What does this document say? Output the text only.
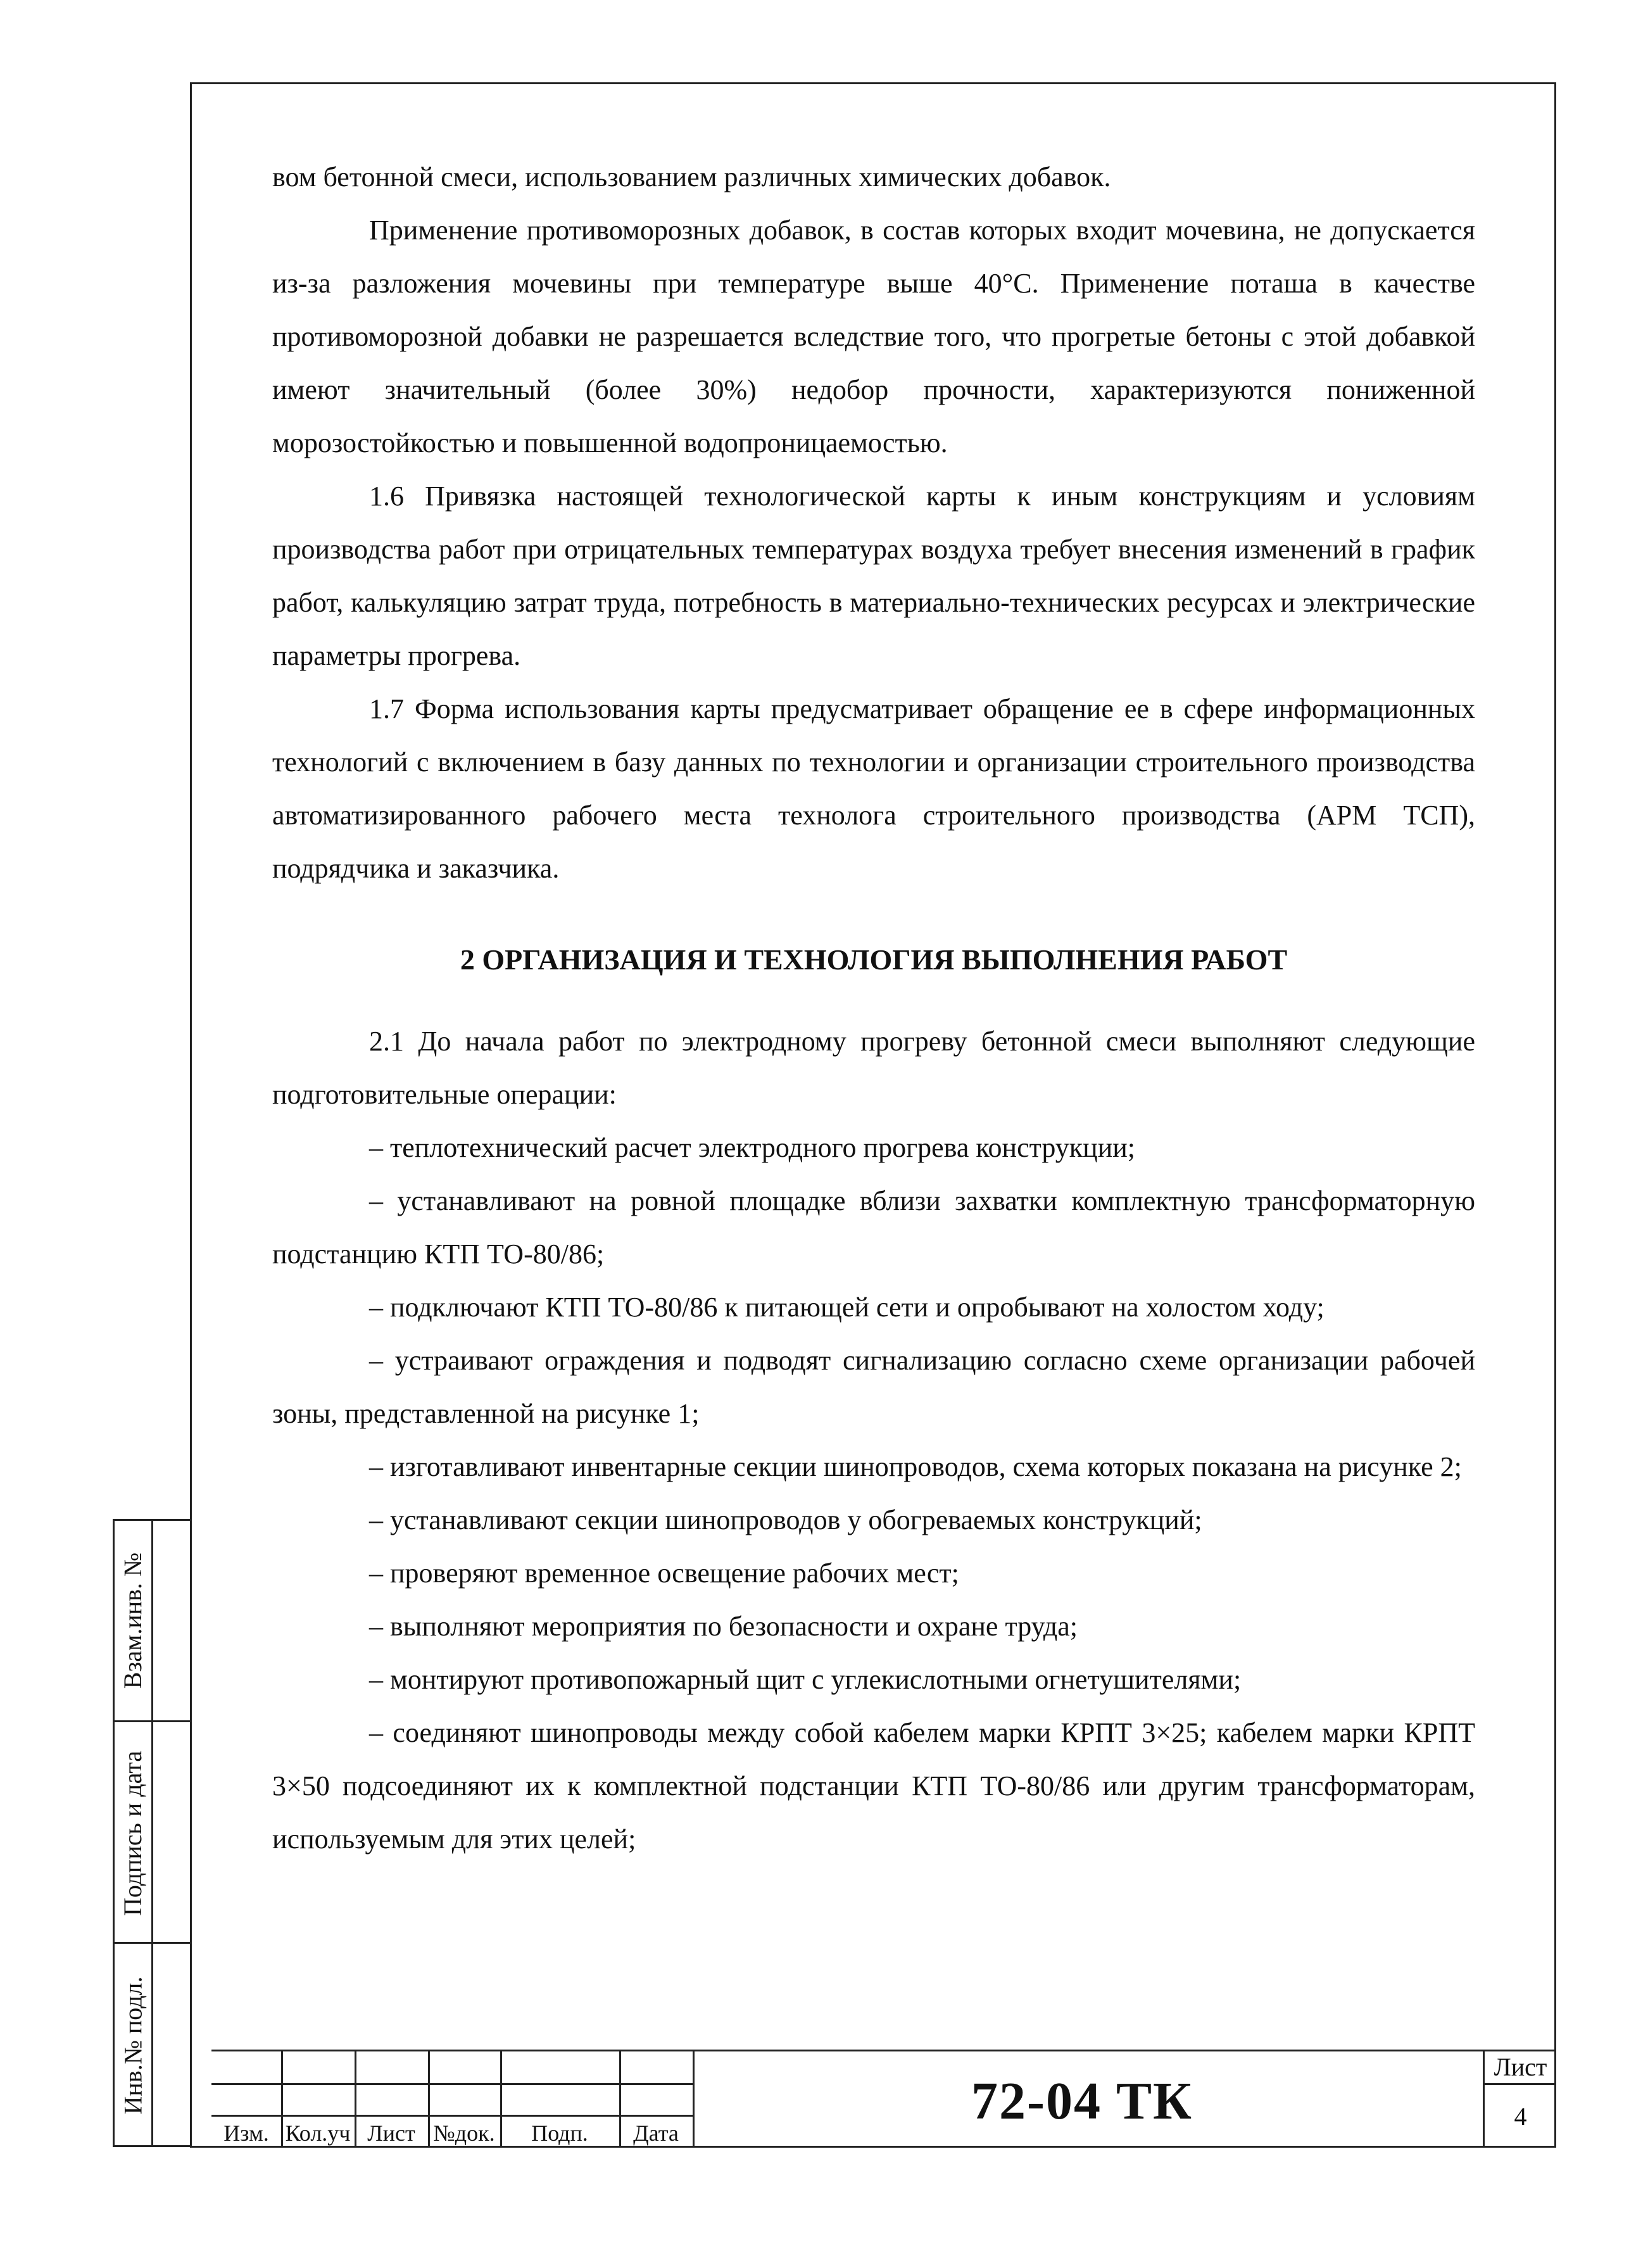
вом бетонной смеси, использованием различных химических добавок.

Применение противоморозных добавок, в состав которых входит мочевина, не допускается из-за разложения мочевины при температуре выше 40°С. Применение поташа в качестве противоморозной добавки не разрешается вследствие того, что прогретые бетоны с этой добавкой имеют значительный (более 30%) недобор прочности, характеризуются пониженной морозостойкостью и повышенной водопроницаемостью.

1.6 Привязка настоящей технологической карты к иным конструкциям и условиям производства работ при отрицательных температурах воздуха требует внесения изменений в график работ, калькуляцию затрат труда, потребность в материально-технических ресурсах и электрические параметры прогрева.

1.7 Форма использования карты предусматривает обращение ее в сфере информационных технологий с включением в базу данных по технологии и организации строительного производства автоматизированного рабочего места технолога строительного производства (АРМ ТСП), подрядчика и заказчика.

2 ОРГАНИЗАЦИЯ И ТЕХНОЛОГИЯ ВЫПОЛНЕНИЯ РАБОТ

2.1 До начала работ по электродному прогреву бетонной смеси выполняют следующие подготовительные операции:

– теплотехнический расчет электродного прогрева конструкции;

– устанавливают на ровной площадке вблизи захватки комплектную трансформаторную подстанцию КТП ТО-80/86;

– подключают КТП ТО-80/86 к питающей сети и опробывают на холостом ходу;

– устраивают ограждения и подводят сигнализацию согласно схеме организации рабочей зоны, представленной на рисунке 1;

– изготавливают инвентарные секции шинопроводов, схема которых показана на рисунке 2;

– устанавливают секции шинопроводов у обогреваемых конструкций;

– проверяют временное освещение рабочих мест;

– выполняют мероприятия по безопасности и охране труда;

– монтируют противопожарный щит с углекислотными огнетушителями;

– соединяют шинопроводы между собой кабелем марки КРПТ 3×25; кабелем марки КРПТ 3×50 подсоединяют их к комплектной подстанции КТП ТО-80/86 или другим трансформаторам, используемым для этих целей;

Взам.инв. №
Подпись и дата
Инв.№ подл.
Изм. Кол.уч Лист №док.	Подп.	Дата
72-04 ТК
Лист
4
